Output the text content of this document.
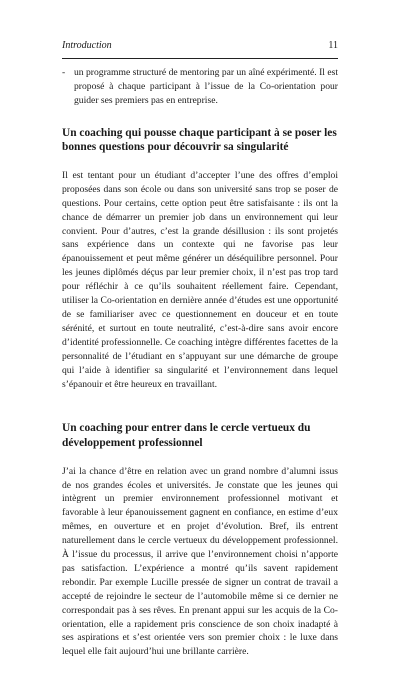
Introduction	11
- un programme structuré de mentoring par un aîné expérimenté. Il est proposé à chaque participant à l’issue de la Co-orientation pour guider ses premiers pas en entreprise.
Un coaching qui pousse chaque participant à se poser les bonnes questions pour découvrir sa singularité

Il est tentant pour un étudiant d’accepter l’une des offres d’emploi proposées dans son école ou dans son université sans trop se poser de questions. Pour certains, cette option peut être satisfaisante : ils ont la chance de démarrer un premier job dans un environnement qui leur convient. Pour d’autres, c’est la grande désillusion : ils sont projetés sans expérience dans un contexte qui ne favorise pas leur épanouissement et peut même générer un déséquilibre personnel. Pour les jeunes diplômés déçus par leur premier choix, il n’est pas trop tard pour réfléchir à ce qu’ils souhaitent réellement faire. Cependant, utiliser la Co-orientation en dernière année d’études est une opportunité de se familiariser avec ce questionnement en douceur et en toute sérénité, et surtout en toute neutralité, c’est-à-dire sans avoir encore d’identité professionnelle. Ce coaching intègre différentes facettes de la personnalité de l’étudiant en s’appuyant sur une démarche de groupe qui l’aide à identifier sa singularité et l’environnement dans lequel s’épanouir et être heureux en travaillant.

Un coaching pour entrer dans le cercle vertueux du développement professionnel

J’ai la chance d’être en relation avec un grand nombre d’alumni issus de nos grandes écoles et universités. Je constate que les jeunes qui intègrent un premier environnement professionnel motivant et favorable à leur épanouissement gagnent en confiance, en estime d’eux mêmes, en ouverture et en projet d’évolution. Bref, ils entrent naturellement dans le cercle vertueux du développement professionnel. À l’issue du processus, il arrive que l’environnement choisi n’apporte pas satisfaction. L’expérience a montré qu’ils savent rapidement rebondir. Par exemple Lucille pressée de signer un contrat de travail a accepté de rejoindre le secteur de l’automobile même si ce dernier ne correspondait pas à ses rêves. En prenant appui sur les acquis de la Co-orientation, elle a rapidement pris conscience de son choix inadapté à ses aspirations et s’est orientée vers son premier choix : le luxe dans lequel elle fait aujourd’hui une brillante carrière.
